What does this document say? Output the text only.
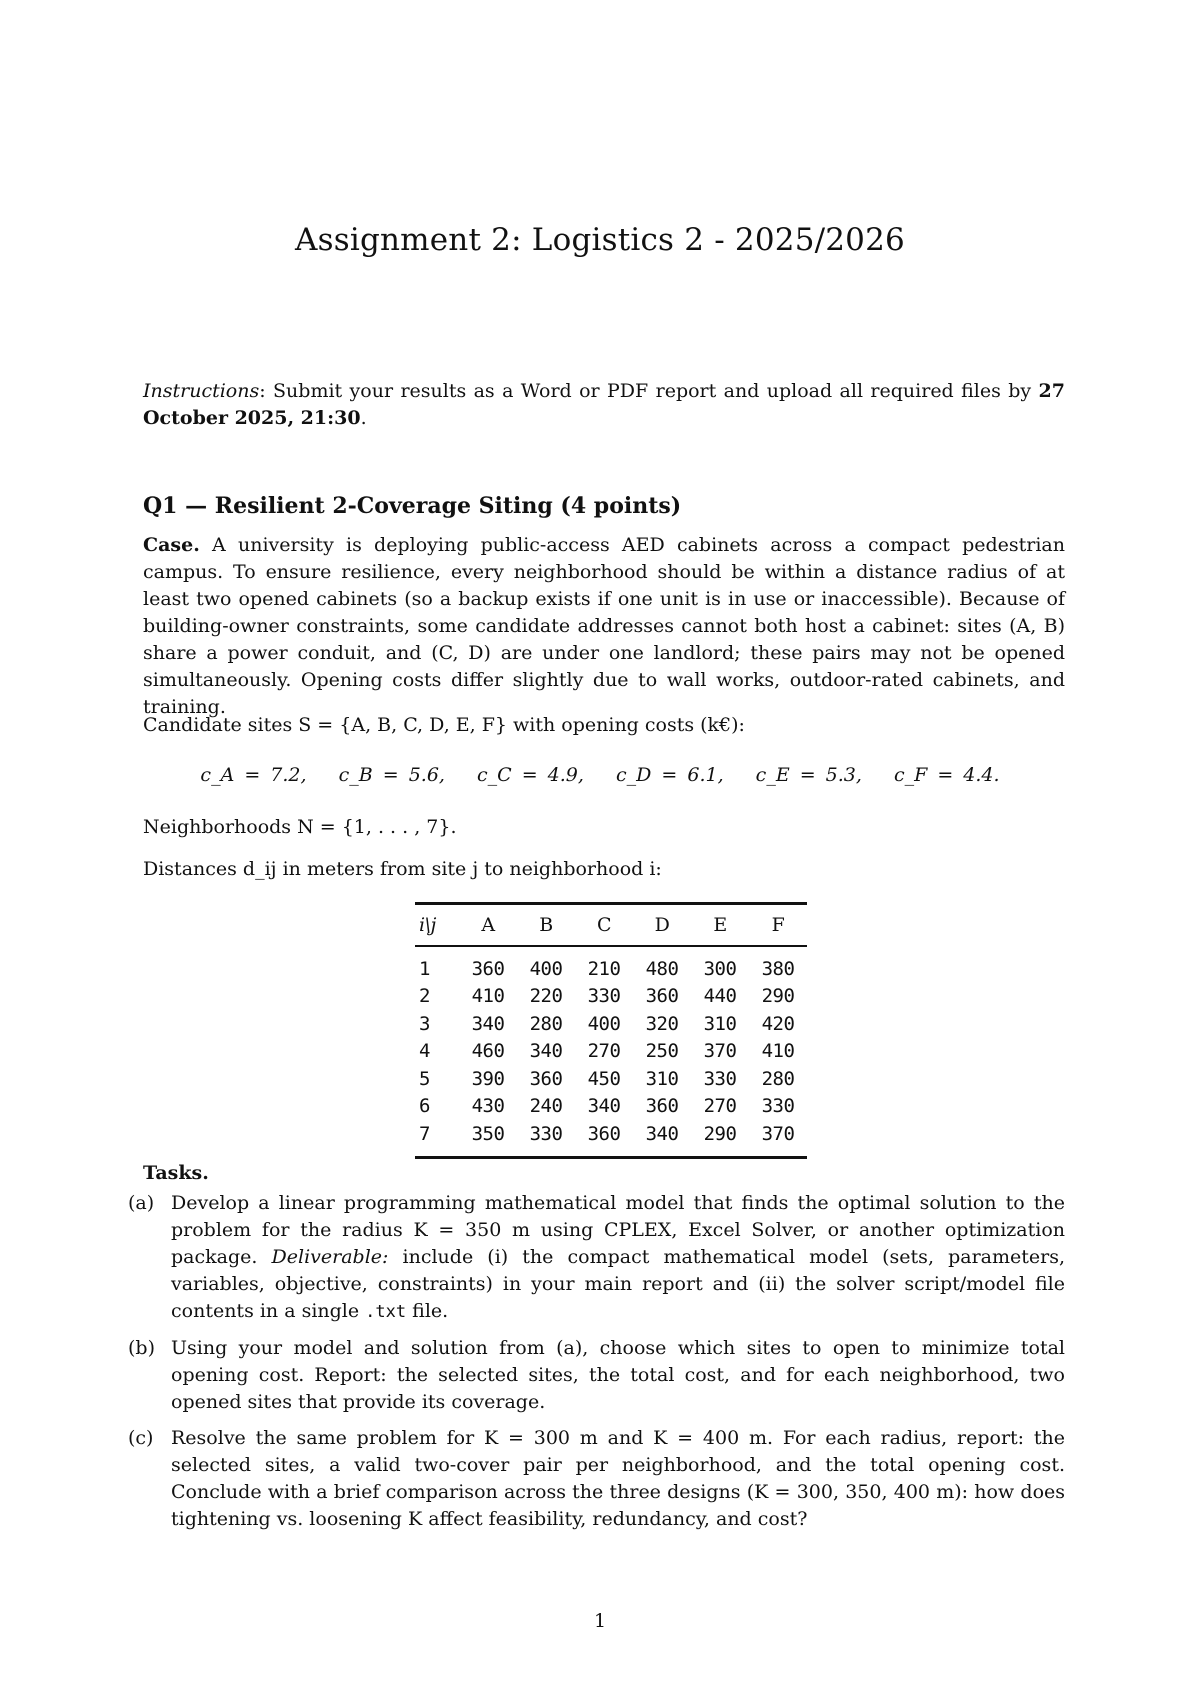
Assignment 2: Logistics 2 - 2025/2026
Instructions: Submit your results as a Word or PDF report and upload all required files by 27 October 2025, 21:30.
Q1 — Resilient 2-Coverage Siting (4 points)
Case. A university is deploying public-access AED cabinets across a compact pedestrian campus. To ensure resilience, every neighborhood should be within a distance radius of at least two opened cabinets (so a backup exists if one unit is in use or inaccessible). Because of building-owner constraints, some candidate addresses cannot both host a cabinet: sites (A, B) share a power conduit, and (C, D) are under one landlord; these pairs may not be opened simultaneously. Opening costs differ slightly due to wall works, outdoor-rated cabinets, and training.
Candidate sites S = {A, B, C, D, E, F} with opening costs (k€):
c_A = 7.2, c_B = 5.6, c_C = 4.9, c_D = 6.1, c_E = 5.3, c_F = 4.4.
Neighborhoods N = {1, . . . , 7}.
Distances d_ij in meters from site j to neighborhood i:
i\j	A	B	C	D	E	F
1	360	400	210	480	300	380
2	410	220	330	360	440	290
3	340	280	400	320	310	420
4	460	340	270	250	370	410
5	390	360	450	310	330	280
6	430	240	340	360	270	330
7	350	330	360	340	290	370
Tasks.
(a) Develop a linear programming mathematical model that finds the optimal solution to the problem for the radius K = 350 m using CPLEX, Excel Solver, or another optimization package. Deliverable: include (i) the compact mathematical model (sets, parameters, variables, objective, constraints) in your main report and (ii) the solver script/model file contents in a single .txt file.
(b) Using your model and solution from (a), choose which sites to open to minimize total opening cost. Report: the selected sites, the total cost, and for each neighborhood, two opened sites that provide its coverage.
(c) Resolve the same problem for K = 300 m and K = 400 m. For each radius, report: the selected sites, a valid two-cover pair per neighborhood, and the total opening cost. Conclude with a brief comparison across the three designs (K = 300, 350, 400 m): how does tightening vs. loosening K affect feasibility, redundancy, and cost?
1
